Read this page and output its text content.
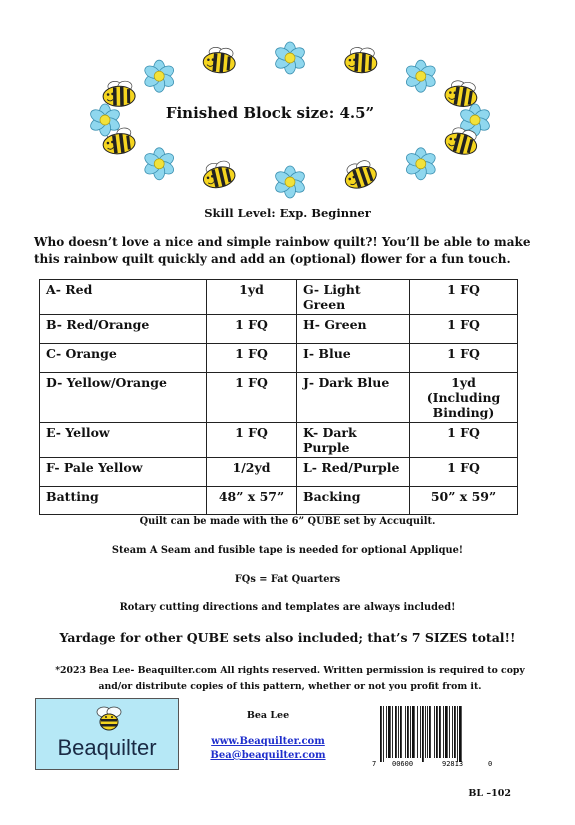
Finished Block size: 4.5”
Skill Level: Exp. Beginner
Who doesn’t love a nice and simple rainbow quilt?! You’ll be able to make this rainbow quilt quickly and add an (optional) flower for a fun touch.
A- Red	1yd	G- Light Green	1 FQ
B- Red/Orange	1 FQ	H- Green	1 FQ
C- Orange	1 FQ	I- Blue	1 FQ
D- Yellow/Orange	1 FQ	J- Dark Blue	1yd (Including Binding)
E- Yellow	1 FQ	K- Dark Purple	1 FQ
F- Pale Yellow	1/2yd	L- Red/Purple	1 FQ
Batting	48” x 57”	Backing	50” x 59”
Quilt can be made with the 6” QUBE set by Accuquilt.
Steam A Seam and fusible tape is needed for optional Applique!
FQs = Fat Quarters
Rotary cutting directions and templates are always included!
Yardage for other QUBE sets also included; that’s 7 SIZES total!!
*2023 Bea Lee- Beaquilter.com All rights reserved. Written permission is required to copy and/or distribute copies of this pattern, whether or not you profit from it.
Beaquilter
Bea Lee
www.Beaquilter.com
Bea@beaquilter.com
7 00600	92813	0
BL –102
